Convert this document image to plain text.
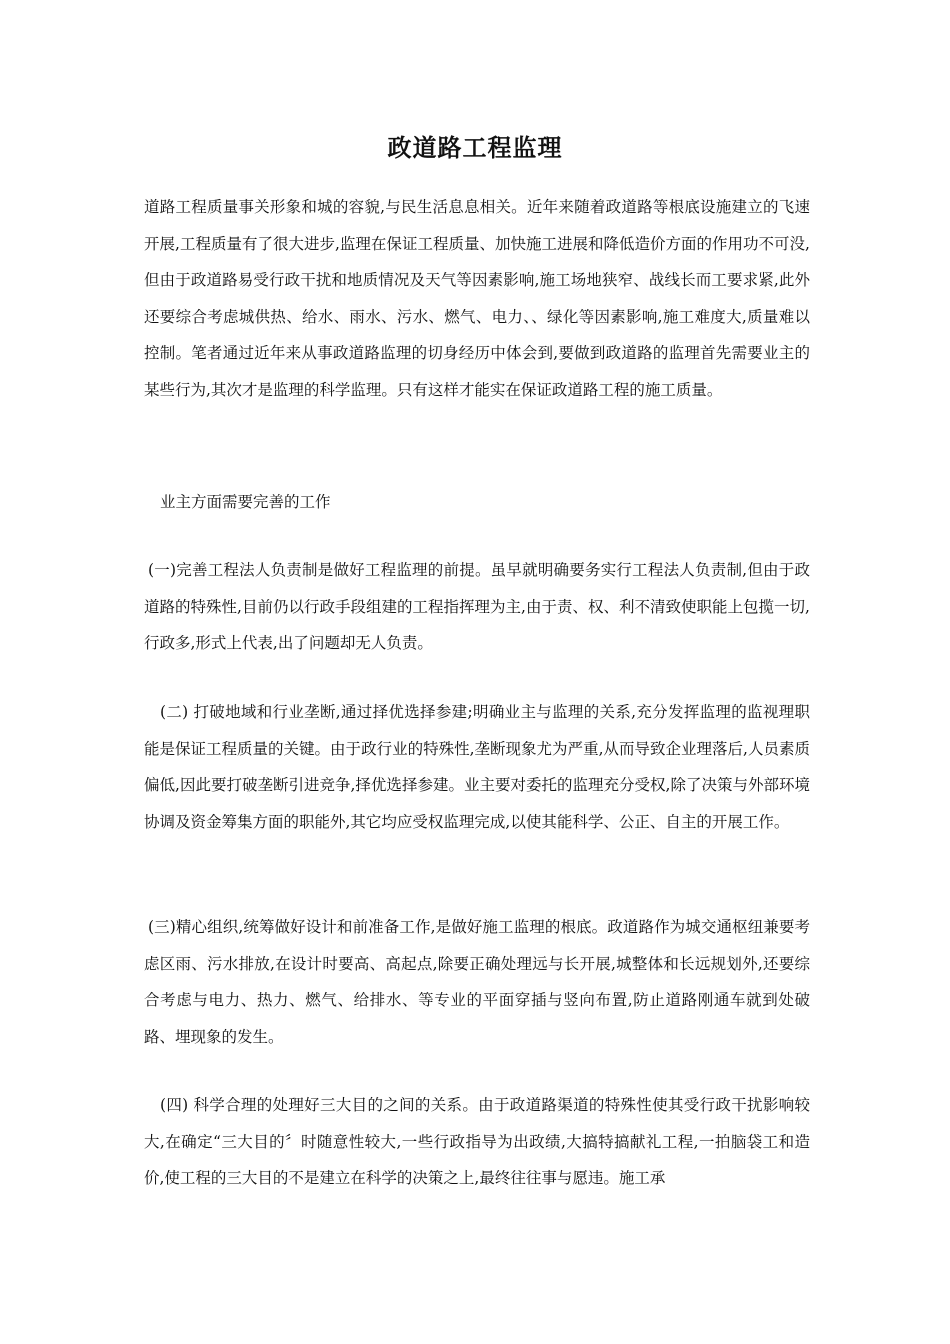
政道路工程监理

道路工程质量事关形象和城的容貌,与民生活息息相关。近年来随着政道路等根底设施建立的飞速开展,工程质量有了很大进步,监理在保证工程质量、加快施工进展和降低造价方面的作用功不可没,但由于政道路易受行政干扰和地质情况及天气等因素影响,施工场地狭窄、战线长而工要求紧,此外还要综合考虑城供热、给水、雨水、污水、燃气、电力、、绿化等因素影响,施工难度大,质量难以控制。笔者通过近年来从事政道路监理的切身经历中体会到,要做到政道路的监理首先需要业主的某些行为,其次才是监理的科学监理。只有这样才能实在保证政道路工程的施工质量。

业主方面需要完善的工作

(一)完善工程法人负责制是做好工程监理的前提。虽早就明确要务实行工程法人负责制,但由于政道路的特殊性,目前仍以行政手段组建的工程指挥理为主,由于责、权、利不清致使职能上包揽一切,行政多,形式上代表,出了问题却无人负责。

(二) 打破地域和行业垄断,通过择优选择参建;明确业主与监理的关系,充分发挥监理的监视理职能是保证工程质量的关键。由于政行业的特殊性,垄断现象尤为严重,从而导致企业理落后,人员素质偏低,因此要打破垄断引进竞争,择优选择参建。业主要对委托的监理充分受权,除了决策与外部环境协调及资金筹集方面的职能外,其它均应受权监理完成,以使其能科学、公正、自主的开展工作。

(三)精心组织,统筹做好设计和前准备工作,是做好施工监理的根底。政道路作为城交通枢纽兼要考虑区雨、污水排放,在设计时要高、高起点,除要正确处理远与长开展,城整体和长远规划外,还要综合考虑与电力、热力、燃气、给排水、等专业的平面穿插与竖向布置,防止道路刚通车就到处破路、埋现象的发生。

(四) 科学合理的处理好三大目的之间的关系。由于政道路渠道的特殊性使其受行政干扰影响较大,在确定“三大目的〞时随意性较大,一些行政指导为出政绩,大搞特搞献礼工程,一拍脑袋工和造价,使工程的三大目的不是建立在科学的决策之上,最终往往事与愿违。施工承
